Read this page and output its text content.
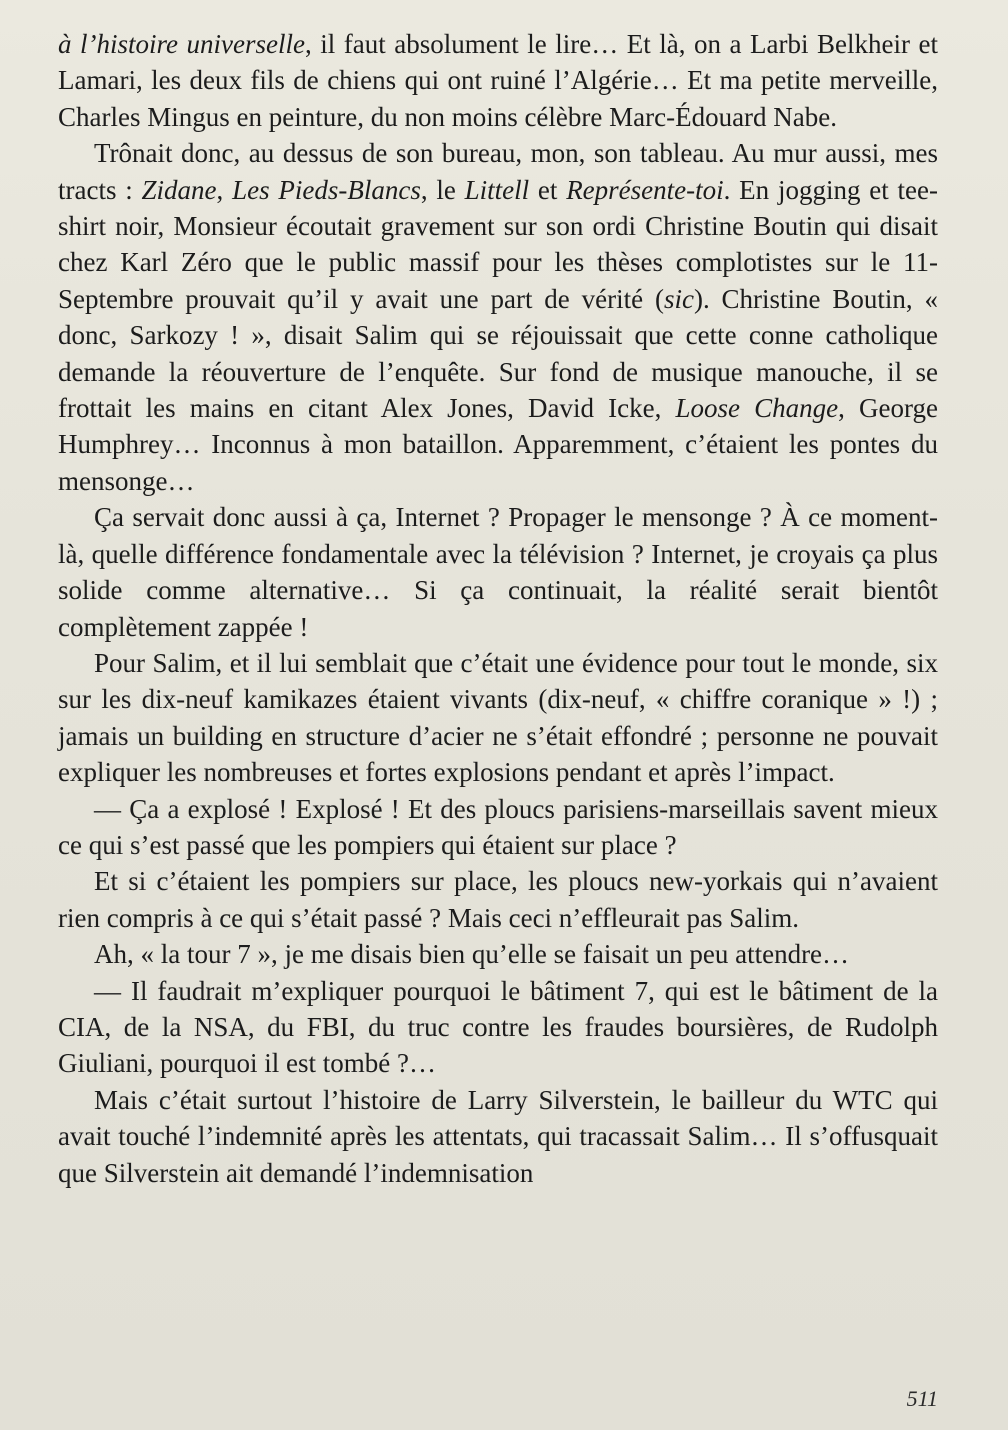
à l’histoire universelle, il faut absolument le lire… Et là, on a Larbi Belkheir et Lamari, les deux fils de chiens qui ont ruiné l’Algérie… Et ma petite merveille, Charles Mingus en peinture, du non moins célèbre Marc-Édouard Nabe.

Trônait donc, au dessus de son bureau, mon, son tableau. Au mur aussi, mes tracts : Zidane, Les Pieds-Blancs, le Littell et Représente-toi. En jogging et tee-shirt noir, Monsieur écoutait gravement sur son ordi Christine Boutin qui disait chez Karl Zéro que le public massif pour les thèses complotistes sur le 11-Septembre prouvait qu’il y avait une part de vérité (sic). Christine Boutin, « donc, Sarkozy ! », disait Salim qui se réjouissait que cette conne catholique demande la réouverture de l’enquête. Sur fond de musique manouche, il se frottait les mains en citant Alex Jones, David Icke, Loose Change, George Humphrey… Inconnus à mon bataillon. Apparemment, c’étaient les pontes du mensonge…

Ça servait donc aussi à ça, Internet ? Propager le mensonge ? À ce moment-là, quelle différence fondamentale avec la télévision ? Internet, je croyais ça plus solide comme alternative… Si ça continuait, la réalité serait bientôt complètement zappée !

Pour Salim, et il lui semblait que c’était une évidence pour tout le monde, six sur les dix-neuf kamikazes étaient vivants (dix-neuf, « chiffre coranique » !) ; jamais un building en structure d’acier ne s’était effondré ; personne ne pouvait expliquer les nombreuses et fortes explosions pendant et après l’impact.

— Ça a explosé ! Explosé ! Et des ploucs parisiens-marseillais savent mieux ce qui s’est passé que les pompiers qui étaient sur place ?

Et si c’étaient les pompiers sur place, les ploucs new-yorkais qui n’avaient rien compris à ce qui s’était passé ? Mais ceci n’effleurait pas Salim.

Ah, « la tour 7 », je me disais bien qu’elle se faisait un peu attendre…

— Il faudrait m’expliquer pourquoi le bâtiment 7, qui est le bâtiment de la CIA, de la NSA, du FBI, du truc contre les fraudes boursières, de Rudolph Giuliani, pourquoi il est tombé ?…

Mais c’était surtout l’histoire de Larry Silverstein, le bailleur du WTC qui avait touché l’indemnité après les attentats, qui tracassait Salim… Il s’offusquait que Silverstein ait demandé l’indemnisation

511
